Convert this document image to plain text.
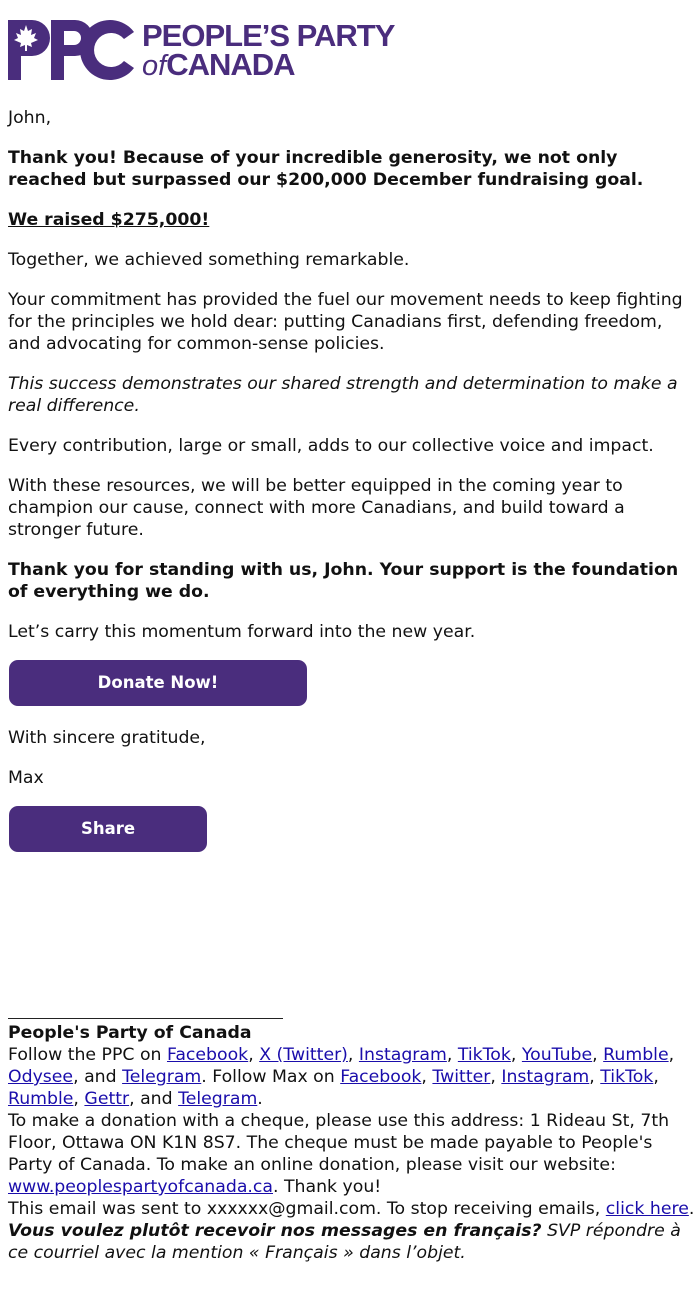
PEOPLE’S PARTY
ofCANADA

John,

Thank you! Because of your incredible generosity, we not only reached but surpassed our $200,000 December fundraising goal.

We raised $275,000!

Together, we achieved something remarkable.

Your commitment has provided the fuel our movement needs to keep fighting for the principles we hold dear: putting Canadians first, defending freedom, and advocating for common-sense policies.

This success demonstrates our shared strength and determination to make a real difference.

Every contribution, large or small, adds to our collective voice and impact.

With these resources, we will be better equipped in the coming year to champion our cause, connect with more Canadians, and build toward a stronger future.

Thank you for standing with us, John. Your support is the foundation of everything we do.

Let’s carry this momentum forward into the new year.

Donate Now!

With sincere gratitude,

Max

Share
People's Party of Canada
Follow the PPC on Facebook, X (Twitter), Instagram, TikTok, YouTube, Rumble, Odysee, and Telegram. Follow Max on Facebook, Twitter, Instagram, TikTok, Rumble, Gettr, and Telegram.
To make a donation with a cheque, please use this address: 1 Rideau St, 7th Floor, Ottawa ON K1N 8S7. The cheque must be made payable to People's Party of Canada. To make an online donation, please visit our website: www.peoplespartyofcanada.ca. Thank you!
This email was sent to xxxxxx@gmail.com. To stop receiving emails, click here.
Vous voulez plutôt recevoir nos messages en français? SVP répondre à ce courriel avec la mention « Français » dans l’objet.
